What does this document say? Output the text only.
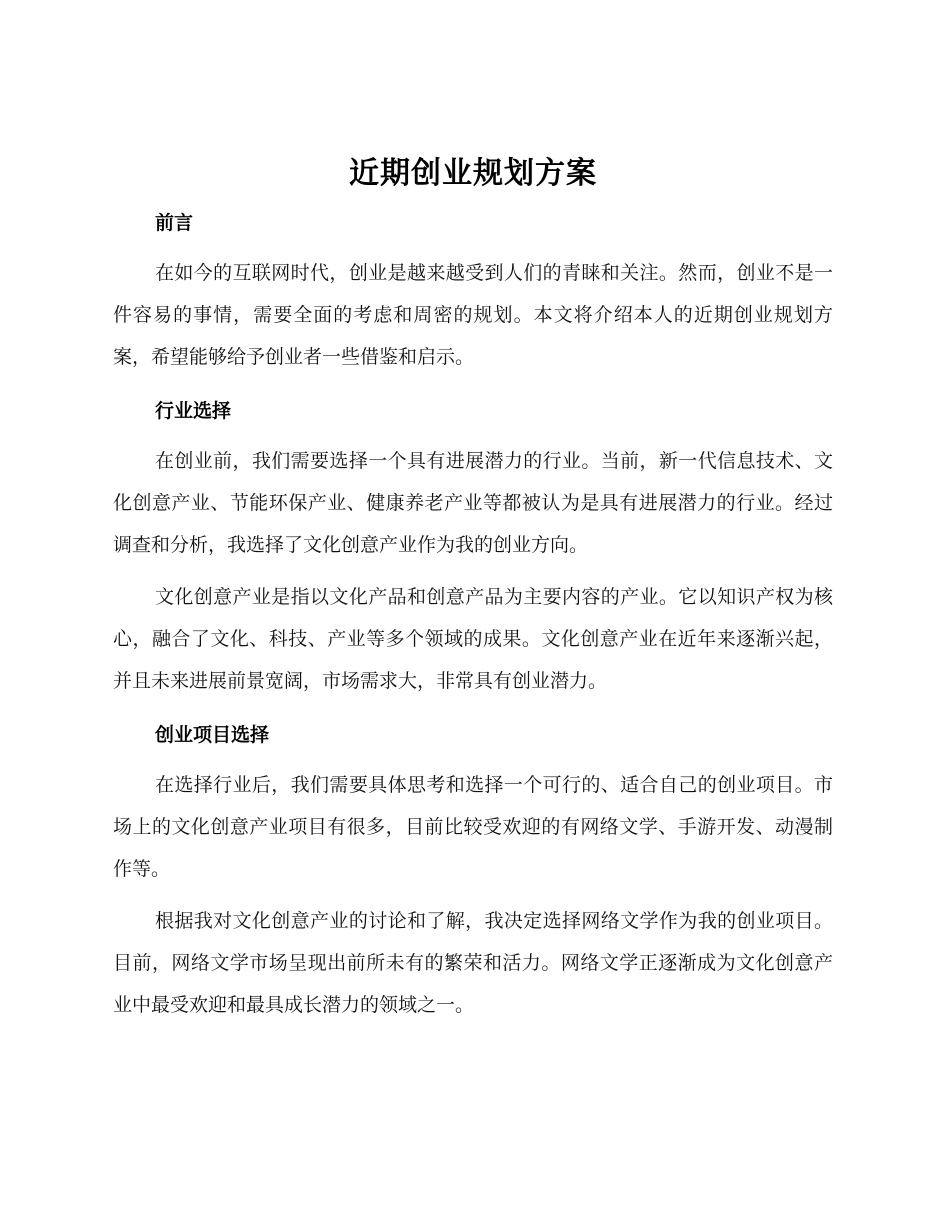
近期创业规划方案
前言

在如今的互联网时代，创业是越来越受到人们的青睐和关注。然而，创业不是一件容易的事情，需要全面的考虑和周密的规划。本文将介绍本人的近期创业规划方案，希望能够给予创业者一些借鉴和启示。

行业选择

在创业前，我们需要选择一个具有进展潜力的行业。当前，新一代信息技术、文化创意产业、节能环保产业、健康养老产业等都被认为是具有进展潜力的行业。经过调查和分析，我选择了文化创意产业作为我的创业方向。

文化创意产业是指以文化产品和创意产品为主要内容的产业。它以知识产权为核心，融合了文化、科技、产业等多个领域的成果。文化创意产业在近年来逐渐兴起，并且未来进展前景宽阔，市场需求大，非常具有创业潜力。

创业项目选择

在选择行业后，我们需要具体思考和选择一个可行的、适合自己的创业项目。市场上的文化创意产业项目有很多，目前比较受欢迎的有网络文学、手游开发、动漫制作等。

根据我对文化创意产业的讨论和了解，我决定选择网络文学作为我的创业项目。目前，网络文学市场呈现出前所未有的繁荣和活力。网络文学正逐渐成为文化创意产业中最受欢迎和最具成长潜力的领域之一。
